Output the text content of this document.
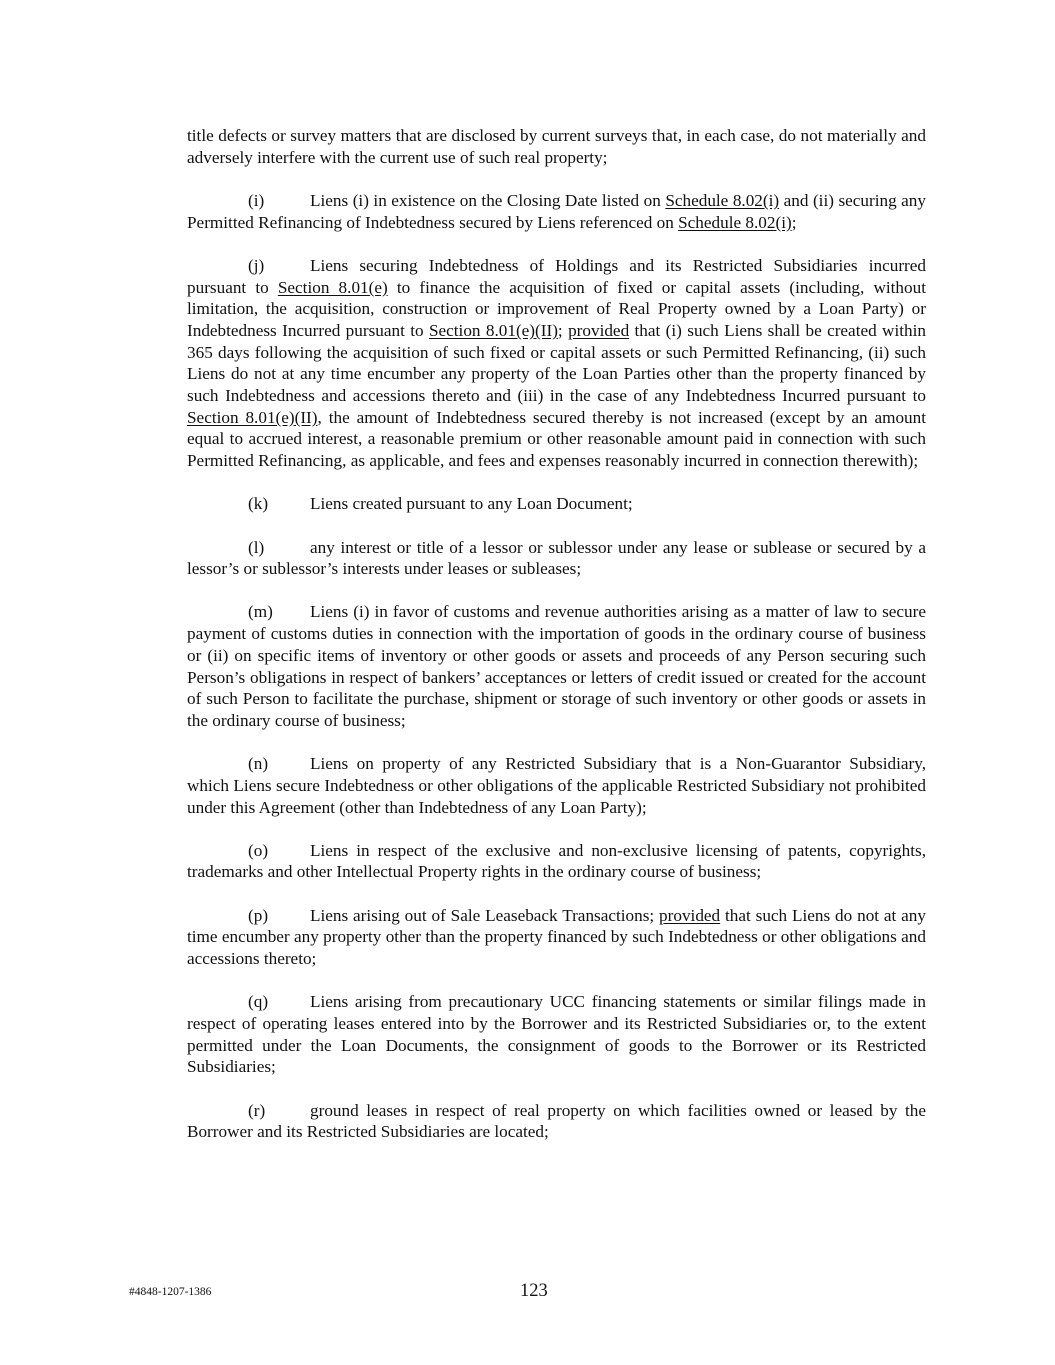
title defects or survey matters that are disclosed by current surveys that, in each case, do not materially and adversely interfere with the current use of such real property;

(i)	Liens (i) in existence on the Closing Date listed on Schedule 8.02(i) and (ii) securing any Permitted Refinancing of Indebtedness secured by Liens referenced on Schedule 8.02(i);

(j)	Liens securing Indebtedness of Holdings and its Restricted Subsidiaries incurred pursuant to Section 8.01(e) to finance the acquisition of fixed or capital assets (including, without limitation, the acquisition, construction or improvement of Real Property owned by a Loan Party) or Indebtedness Incurred pursuant to Section 8.01(e)(II); provided that (i) such Liens shall be created within 365 days following the acquisition of such fixed or capital assets or such Permitted Refinancing, (ii) such Liens do not at any time encumber any property of the Loan Parties other than the property financed by such Indebtedness and accessions thereto and (iii) in the case of any Indebtedness Incurred pursuant to Section 8.01(e)(II), the amount of Indebtedness secured thereby is not increased (except by an amount equal to accrued interest, a reasonable premium or other reasonable amount paid in connection with such Permitted Refinancing, as applicable, and fees and expenses reasonably incurred in connection therewith);

(k) Liens created pursuant to any Loan Document;

(l)	any interest or title of a lessor or sublessor under any lease or sublease or secured by a lessor’s or sublessor’s interests under leases or subleases;

(m) Liens (i) in favor of customs and revenue authorities arising as a matter of law to secure payment of customs duties in connection with the importation of goods in the ordinary course of business or (ii) on specific items of inventory or other goods or assets and proceeds of any Person securing such Person’s obligations in respect of bankers’ acceptances or letters of credit issued or created for the account of such Person to facilitate the purchase, shipment or storage of such inventory or other goods or assets in the ordinary course of business;

(n) Liens on property of any Restricted Subsidiary that is a Non-Guarantor Subsidiary, which Liens secure Indebtedness or other obligations of the applicable Restricted Subsidiary not prohibited under this Agreement (other than Indebtedness of any Loan Party);

(o) Liens in respect of the exclusive and non-exclusive licensing of patents, copyrights, trademarks and other Intellectual Property rights in the ordinary course of business;

(p) Liens arising out of Sale Leaseback Transactions; provided that such Liens do not at any time encumber any property other than the property financed by such Indebtedness or other obligations and accessions thereto;

(q) Liens arising from precautionary UCC financing statements or similar filings made in respect of operating leases entered into by the Borrower and its Restricted Subsidiaries or, to the extent permitted under the Loan Documents, the consignment of goods to the Borrower or its Restricted Subsidiaries;

(r)	ground leases in respect of real property on which facilities owned or leased by the Borrower and its Restricted Subsidiaries are located;

#4848-1207-1386	123
